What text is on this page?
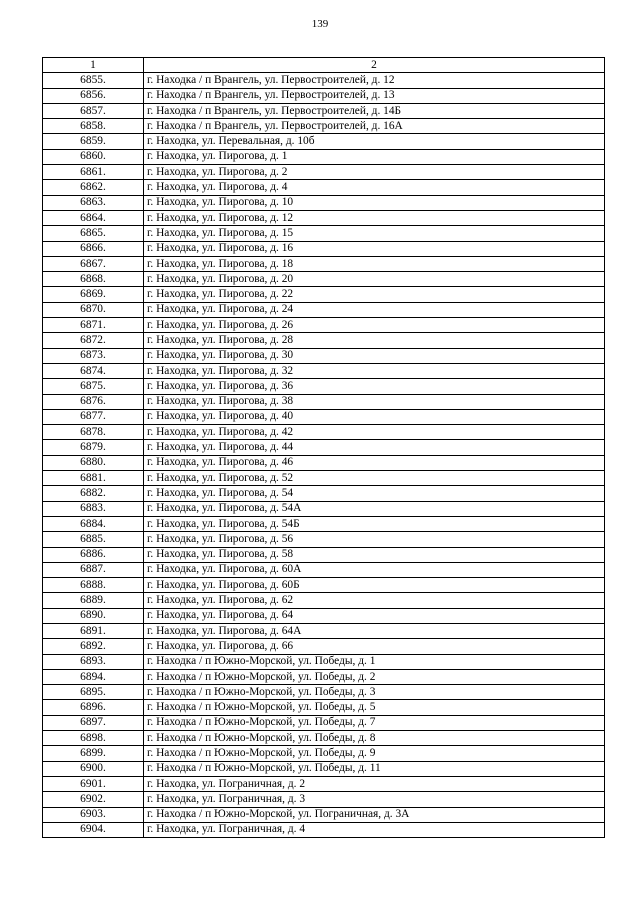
139
1	2
6855.	г. Находка / п Врангель, ул. Первостроителей, д. 12
6856.	г. Находка / п Врангель, ул. Первостроителей, д. 13
6857.	г. Находка / п Врангель, ул. Первостроителей, д. 14Б
6858.	г. Находка / п Врангель, ул. Первостроителей, д. 16А
6859.	г. Находка, ул. Перевальная, д. 10б
6860.	г. Находка, ул. Пирогова, д. 1
6861.	г. Находка, ул. Пирогова, д. 2
6862.	г. Находка, ул. Пирогова, д. 4
6863.	г. Находка, ул. Пирогова, д. 10
6864.	г. Находка, ул. Пирогова, д. 12
6865.	г. Находка, ул. Пирогова, д. 15
6866.	г. Находка, ул. Пирогова, д. 16
6867.	г. Находка, ул. Пирогова, д. 18
6868.	г. Находка, ул. Пирогова, д. 20
6869.	г. Находка, ул. Пирогова, д. 22
6870.	г. Находка, ул. Пирогова, д. 24
6871.	г. Находка, ул. Пирогова, д. 26
6872.	г. Находка, ул. Пирогова, д. 28
6873.	г. Находка, ул. Пирогова, д. 30
6874.	г. Находка, ул. Пирогова, д. 32
6875.	г. Находка, ул. Пирогова, д. 36
6876.	г. Находка, ул. Пирогова, д. 38
6877.	г. Находка, ул. Пирогова, д. 40
6878.	г. Находка, ул. Пирогова, д. 42
6879.	г. Находка, ул. Пирогова, д. 44
6880.	г. Находка, ул. Пирогова, д. 46
6881.	г. Находка, ул. Пирогова, д. 52
6882.	г. Находка, ул. Пирогова, д. 54
6883.	г. Находка, ул. Пирогова, д. 54А
6884.	г. Находка, ул. Пирогова, д. 54Б
6885.	г. Находка, ул. Пирогова, д. 56
6886.	г. Находка, ул. Пирогова, д. 58
6887.	г. Находка, ул. Пирогова, д. 60А
6888.	г. Находка, ул. Пирогова, д. 60Б
6889.	г. Находка, ул. Пирогова, д. 62
6890.	г. Находка, ул. Пирогова, д. 64
6891.	г. Находка, ул. Пирогова, д. 64А
6892.	г. Находка, ул. Пирогова, д. 66
6893.	г. Находка / п Южно-Морской, ул. Победы, д. 1
6894.	г. Находка / п Южно-Морской, ул. Победы, д. 2
6895.	г. Находка / п Южно-Морской, ул. Победы, д. 3
6896.	г. Находка / п Южно-Морской, ул. Победы, д. 5
6897.	г. Находка / п Южно-Морской, ул. Победы, д. 7
6898.	г. Находка / п Южно-Морской, ул. Победы, д. 8
6899.	г. Находка / п Южно-Морской, ул. Победы, д. 9
6900.	г. Находка / п Южно-Морской, ул. Победы, д. 11
6901.	г. Находка, ул. Пограничная, д. 2
6902.	г. Находка, ул. Пограничная, д. 3
6903.	г. Находка / п Южно-Морской, ул. Пограничная, д. 3А
6904.	г. Находка, ул. Пограничная, д. 4
